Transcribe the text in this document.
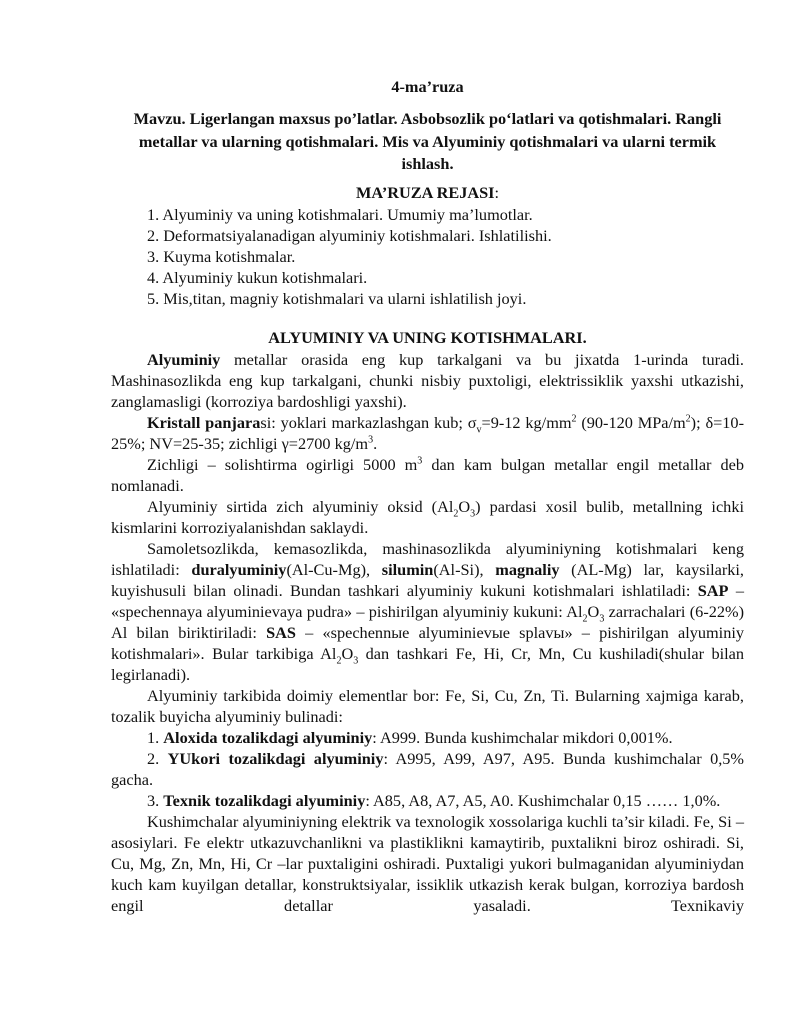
4-ma’ruza
Mavzu. Ligerlangan maxsus po’latlar. Asbobsozlik po‘latlari va qotishmalari. Rangli metallar va ularning qotishmalari. Mis va Alyuminiy qotishmalari va ularni termik ishlash.
MA’RUZA REJASI:
1. Alyuminiy va uning kotishmalari. Umumiy ma’lumotlar.
2. Deformatsiyalanadigan alyuminiy kotishmalari. Ishlatilishi.
3. Kuyma kotishmalar.
4. Alyuminiy kukun kotishmalari.
5. Mis,titan, magniy kotishmalari va ularni ishlatilish joyi.
ALYUMINIY VA UNING KOTISHMALARI.

Alyuminiy metallar orasida eng kup tarkalgani va bu jixatda 1-urinda turadi. Mashinasozlikda eng kup tarkalgani, chunki nisbiy puxtoligi, elektrissiklik yaxshi utkazishi, zanglamasligi (korroziya bardoshligi yaxshi).

Kristall panjarasi: yoklari markazlashgan kub; $\sigma_v=9-12$ $kg/mm^2$ (90-120 MPa/$m^2$); δ=10-25%; NV=25-35; zichligi γ=2700 $kg/m^3$.

Zichligi – solishtirma ogirligi 5000 $m^3$ dan kam bulgan metallar engil metallar deb nomlanadi.

Alyuminiy sirtida zich alyuminiy oksid $(Al_2O_3)$ pardasi xosil bulib, metallning ichki kismlarini korroziyalanishdan saklaydi.

Samoletsozlikda, kemasozlikda, mashinasozlikda alyuminiyning kotishmalari keng ishlatiladi: duralyuminiy(Al-Cu-Mg), silumin(Al-Si), magnaliy (AL-Mg) lar, kaysilarki, kuyishusuli bilan olinadi. Bundan tashkari alyuminiy kukuni kotishmalari ishlatiladi: SAP – «spechennaya alyuminievaya pudra» – pishirilgan alyuminiy kukuni: $Al_2O_3$ zarrachalari (6-22%) Al bilan biriktiriladi: SAS – «spechennыe alyuminievыe splavы» – pishirilgan alyuminiy kotishmalari». Bular tarkibiga $Al_2O_3$ dan tashkari Fe, Hi, Cr, Mn, Cu kushiladi(shular bilan legirlanadi).

Alyuminiy tarkibida doimiy elementlar bor: Fe, Si, Cu, Zn, Ti. Bularning xajmiga karab, tozalik buyicha alyuminiy bulinadi:

1. Aloxida tozalikdagi alyuminiy: A999. Bunda kushimchalar mikdori 0,001%.

2. YUkori tozalikdagi alyuminiy: A995, A99, A97, A95. Bunda kushimchalar 0,5% gacha.

3. Texnik tozalikdagi alyuminiy: A85, A8, A7, A5, A0. Kushimchalar 0,15 …… 1,0%.

Kushimchalar alyuminiyning elektrik va texnologik xossolariga kuchli ta’sir kiladi. Fe, Si – asosiylari. Fe elektr utkazuvchanlikni va plastiklikni kamaytirib, puxtalikni biroz oshiradi. Si, Cu, Mg, Zn, Mn, Hi, Cr –lar puxtaligini oshiradi. Puxtaligi yukori bulmaganidan alyuminiydan kuch kam kuyilgan detallar, konstruktsiyalar, issiklik utkazish kerak bulgan, korroziya bardosh engil detallar yasaladi. Texnikaviy
